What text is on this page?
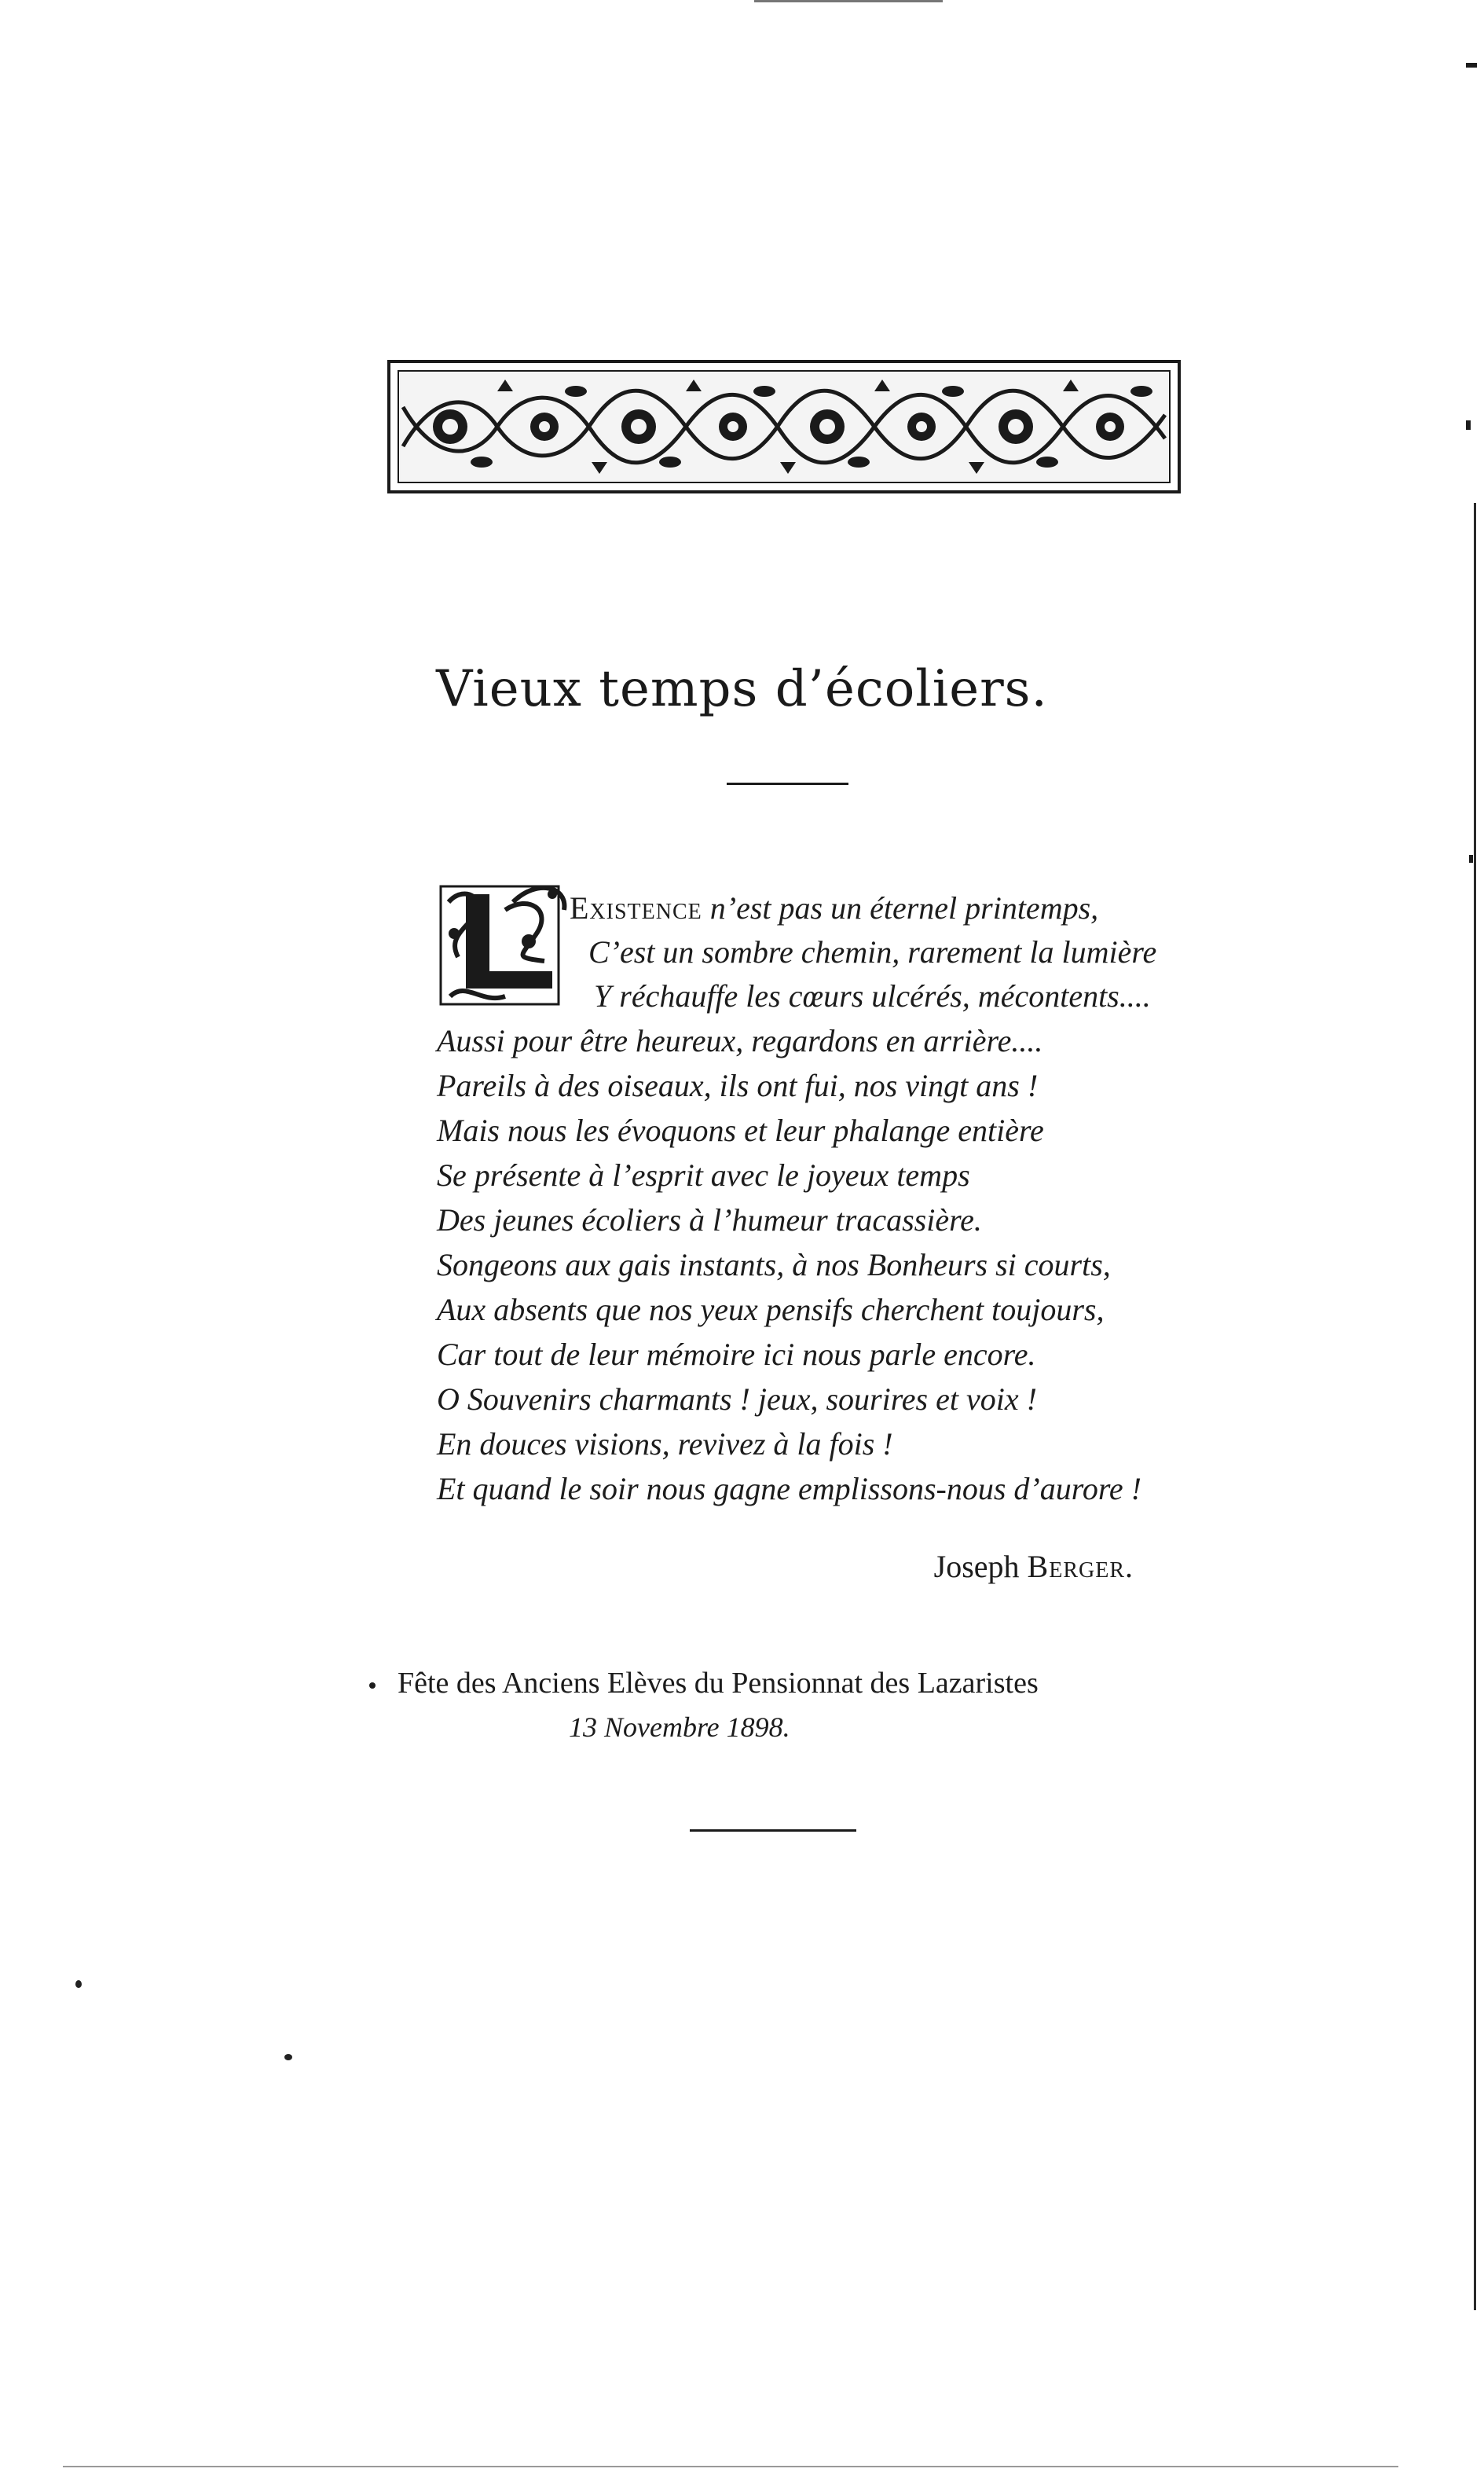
Vieux temps d’écoliers.
Existence n’est pas un éternel printemps,
C’est un sombre chemin, rarement la lumière
Y réchauffe les cœurs ulcérés, mécontents....
Aussi pour être heureux, regardons en arrière....
Pareils à des oiseaux, ils ont fui, nos vingt ans !
Mais nous les évoquons et leur phalange entière
Se présente à l’esprit avec le joyeux temps
Des jeunes écoliers à l’humeur tracassière.
Songeons aux gais instants, à nos Bonheurs si courts,
Aux absents que nos yeux pensifs cherchent toujours,
Car tout de leur mémoire ici nous parle encore.
O Souvenirs charmants ! jeux, sourires et voix !
En douces visions, revivez à la fois !
Et quand le soir nous gagne emplissons-nous d’aurore !
Joseph Berger.
Fête des Anciens Elèves du Pensionnat des Lazaristes
13 Novembre 1898.
